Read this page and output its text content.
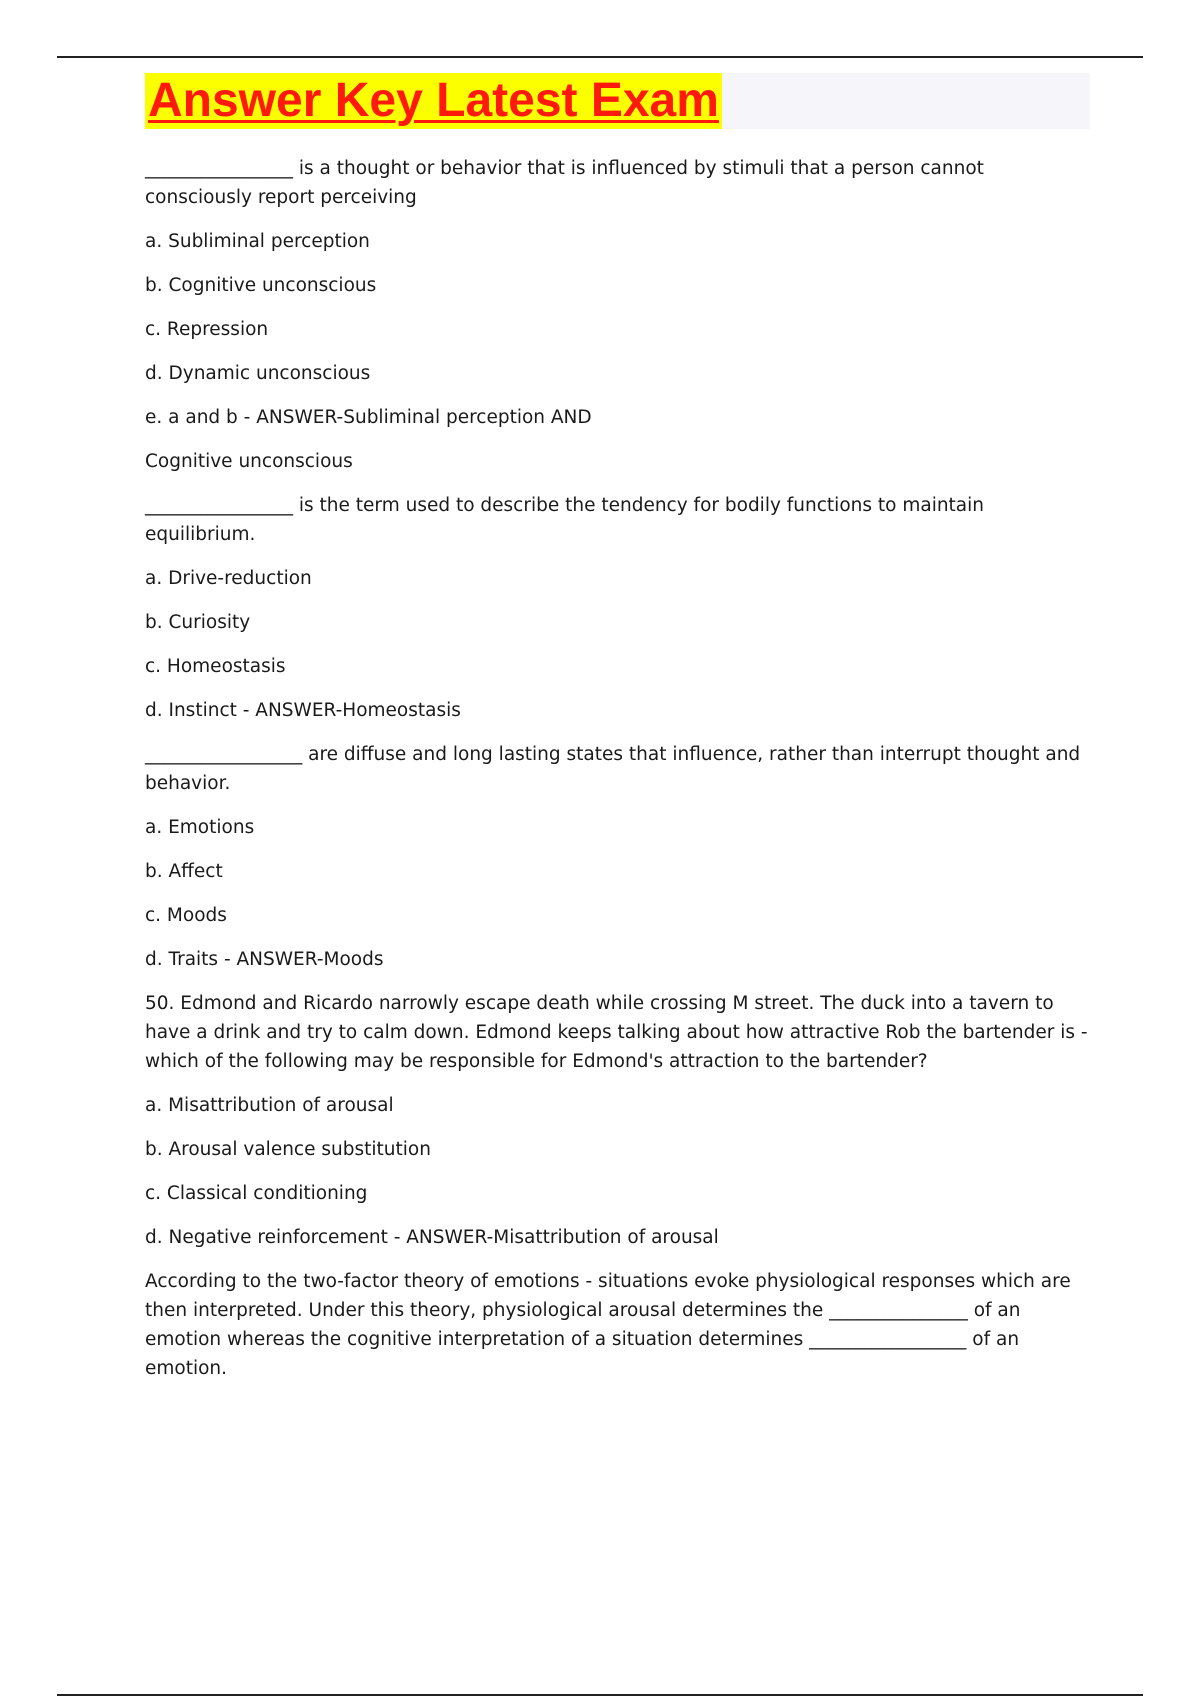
Answer Key Latest Exam

________________ is a thought or behavior that is influenced by stimuli that a person cannot consciously report perceiving

a. Subliminal perception

b. Cognitive unconscious

c. Repression

d. Dynamic unconscious

e. a and b - ANSWER-Subliminal perception AND

Cognitive unconscious

________________ is the term used to describe the tendency for bodily functions to maintain equilibrium.

a. Drive-reduction

b. Curiosity

c. Homeostasis

d. Instinct - ANSWER-Homeostasis

_________________ are diffuse and long lasting states that influence, rather than interrupt thought and behavior.

a. Emotions

b. Affect

c. Moods

d. Traits - ANSWER-Moods

50. Edmond and Ricardo narrowly escape death while crossing M street. The duck into a tavern to have a drink and try to calm down. Edmond keeps talking about how attractive Rob the bartender is - which of the following may be responsible for Edmond's attraction to the bartender?

a. Misattribution of arousal

b. Arousal valence substitution

c. Classical conditioning

d. Negative reinforcement - ANSWER-Misattribution of arousal

According to the two-factor theory of emotions - situations evoke physiological responses which are then interpreted. Under this theory, physiological arousal determines the _______________ of an emotion whereas the cognitive interpretation of a situation determines _________________ of an emotion.
